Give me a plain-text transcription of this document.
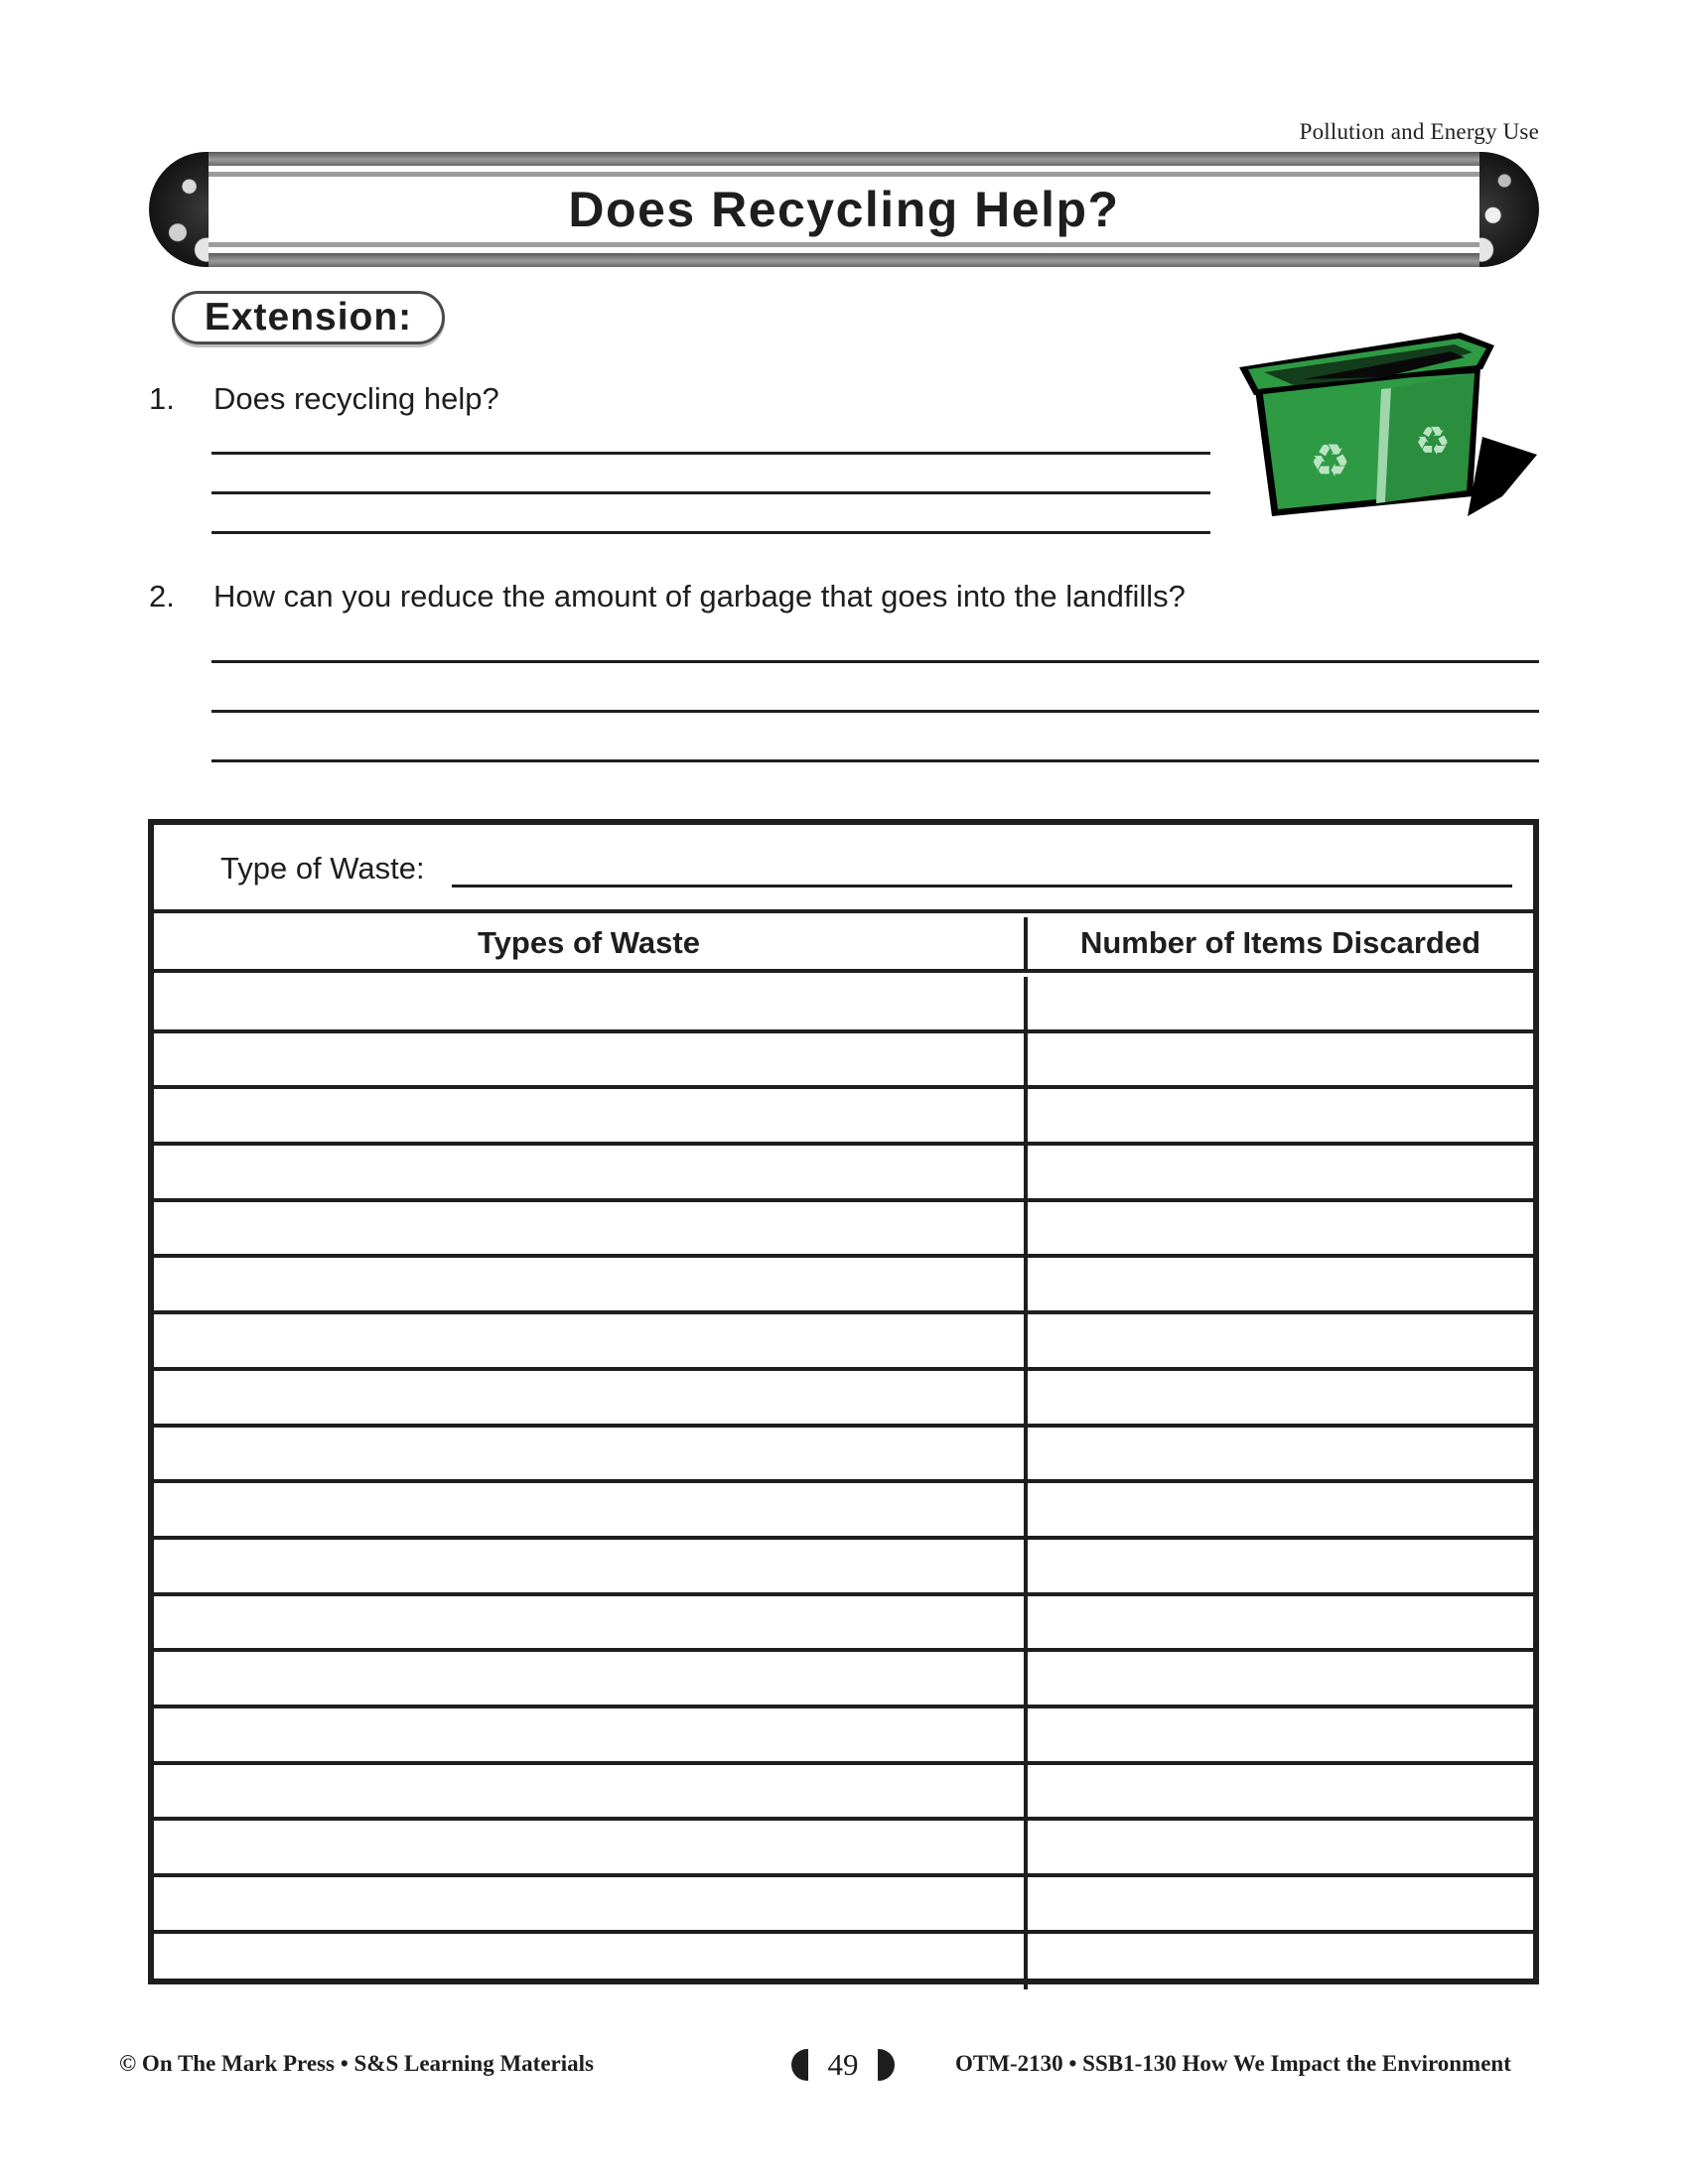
Pollution and Energy Use
Does Recycling Help?
Extension:
1. Does recycling help?
♻ ♻
2. How can you reduce the amount of garbage that goes into the landfills?
Type of Waste:
Types of Waste	Number of Items Discarded
© On The Mark Press • S&S Learning Materials	49	OTM-2130 • SSB1-130 How We Impact the Environment
